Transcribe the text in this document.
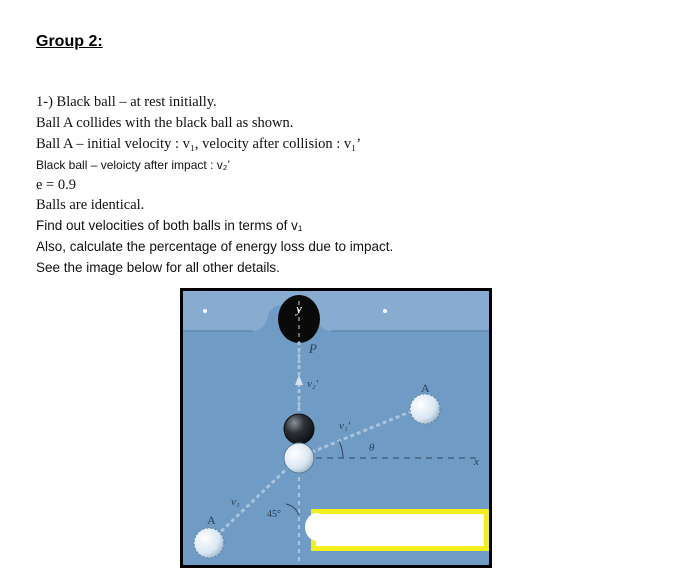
Group 2:
1-) Black ball – at rest initially.
Ball A collides with the black ball as shown.
Ball A – initial velocity : v₁, velocity after collision : v₁’
Black ball – veloicty after impact : v₂’
e = 0.9
Balls are identical.
Find out velocities of both balls in terms of v₁
Also, calculate the percentage of energy loss due to impact.
See the image below for all other details.
y
P
v₂′
v₁′
θ
x
v₁
45°
A
A
